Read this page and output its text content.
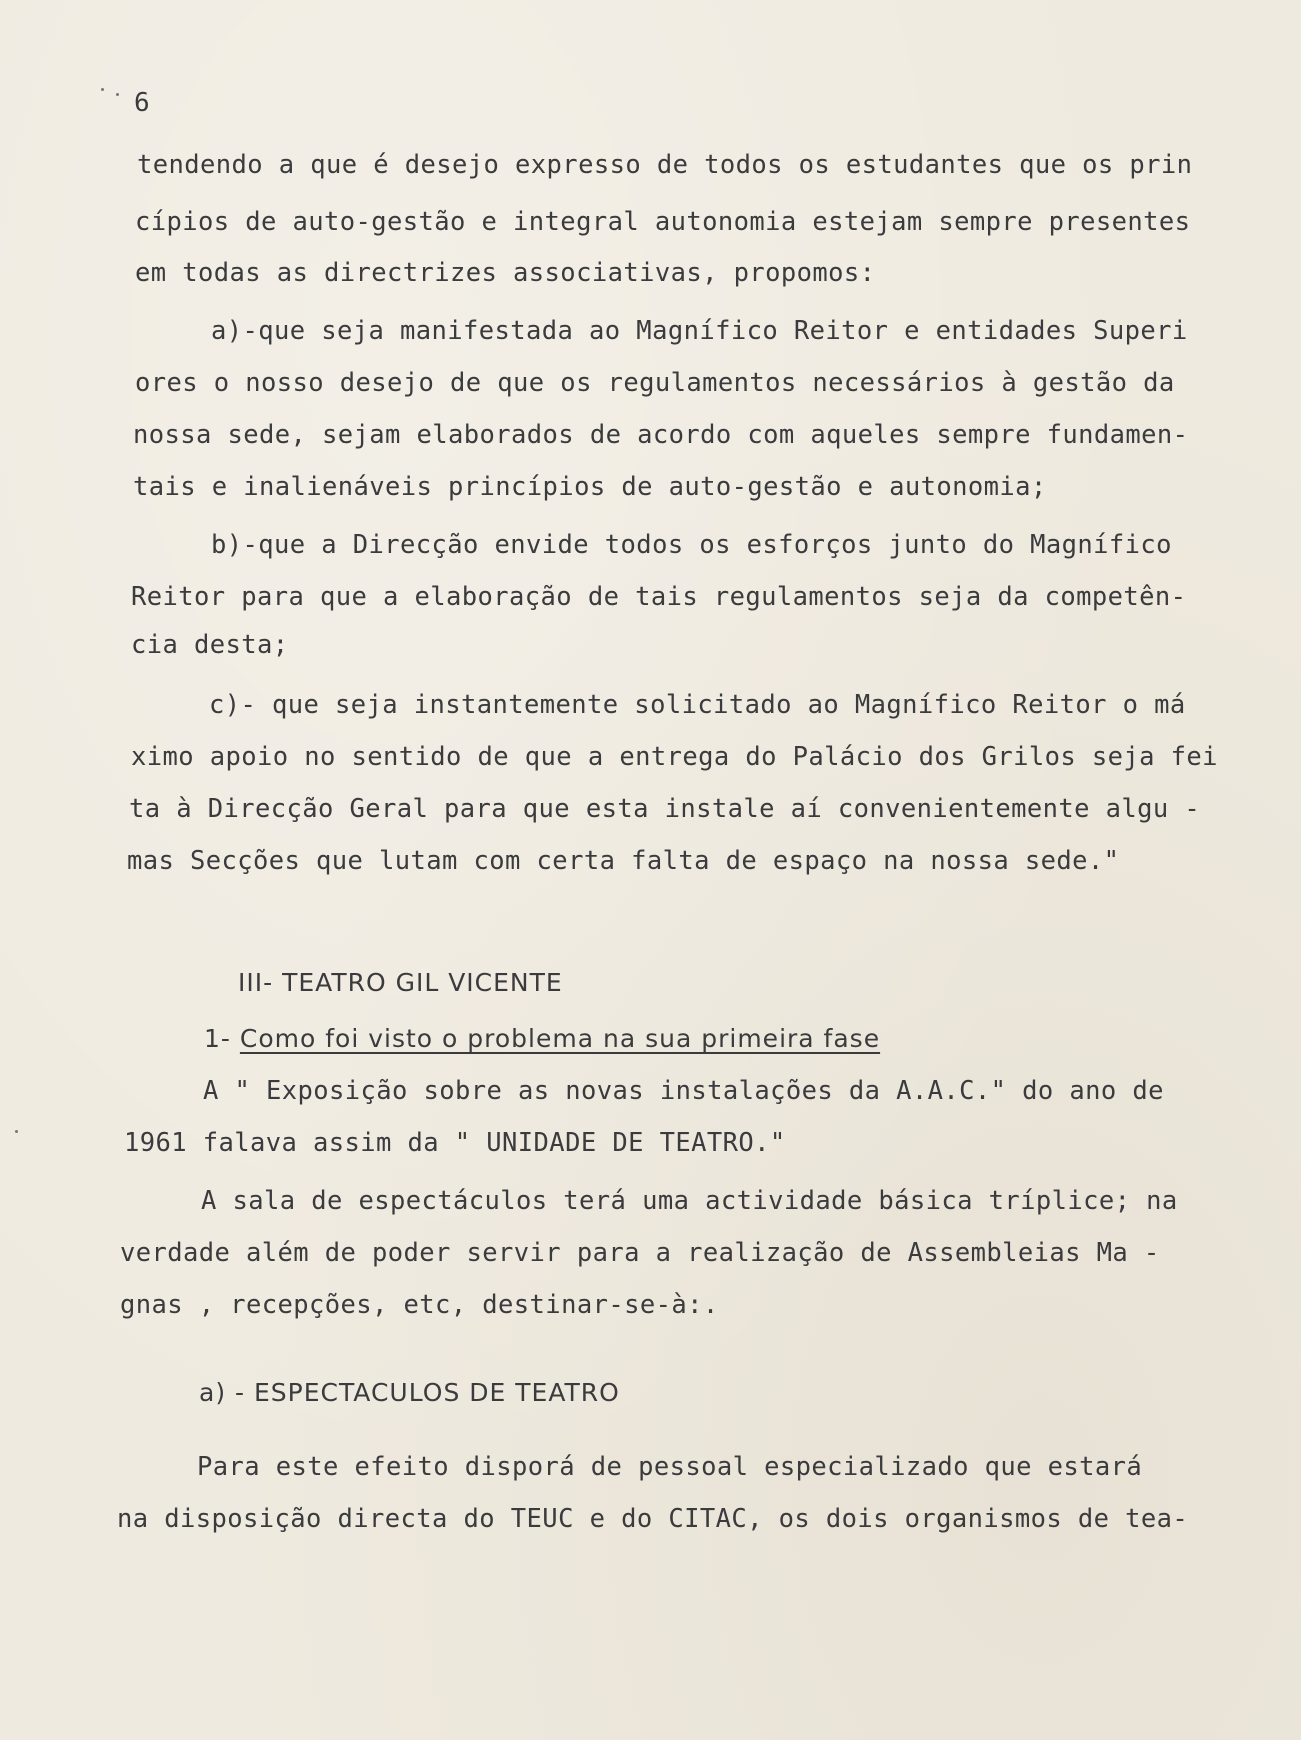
6
tendendo a que é desejo expresso de todos os estudantes que os prin
cípios de auto-gestão e integral autonomia estejam sempre presentes
em todas as directrizes associativas, propomos:
a)-que seja manifestada ao Magnífico Reitor e entidades Superi
ores o nosso desejo de que os regulamentos necessários à gestão da
nossa sede, sejam elaborados de acordo com aqueles sempre fundamen-
tais e inalienáveis princípios de auto-gestão e autonomia;
b)-que a Direcção envide todos os esforços junto do Magnífico
Reitor para que a elaboração de tais regulamentos seja da competên-
cia desta;
c)- que seja instantemente solicitado ao Magnífico Reitor o má
ximo apoio no sentido de que a entrega do Palácio dos Grilos seja fei
ta à Direcção Geral para que esta instale aí convenientemente algu -
mas Secções que lutam com certa falta de espaço na nossa sede."
III- TEATRO GIL VICENTE
1- Como foi visto o problema na sua primeira fase
A " Exposição sobre as novas instalações da A.A.C." do ano de
1961 falava assim da " UNIDADE DE TEATRO."
A sala de espectáculos terá uma actividade básica tríplice; na
verdade além de poder servir para a realização de Assembleias Ma -
gnas , recepções, etc, destinar-se-à:.
a) - ESPECTACULOS DE TEATRO
Para este efeito disporá de pessoal especializado que estará
na disposição directa do TEUC e do CITAC, os dois organismos de tea-
